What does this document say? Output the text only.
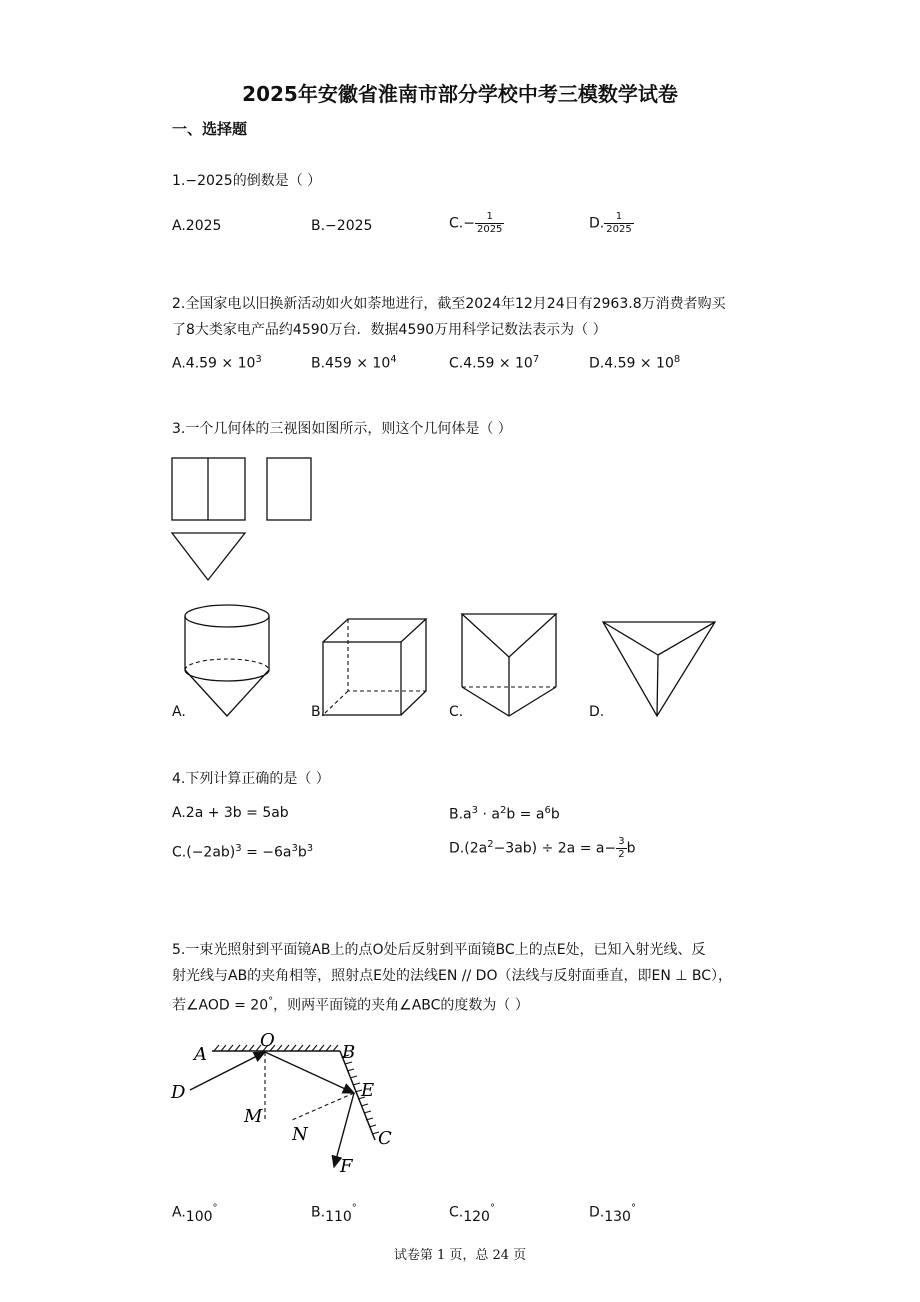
2025年安徽省淮南市部分学校中考三模数学试卷
一、选择题
1.−2025的倒数是（ ）
A.2025	B.−2025	$C.- \frac{1}{2025}$	D. $\frac{1}{2025}$
2.全国家电以旧换新活动如火如荼地进行，截至2024年12月24日有2963.8万消费者购买
了8大类家电产品约4590万台．数据4590万用科学记数法表示为（ ）
$A.4.59 \times 10^3$	$B.459 \times 10^4$	$C.4.59 \times 10^7$	$D.4.59 \times 10^8$
3.一个几何体的三视图如图所示，则这个几何体是（ ）
A.	B.	C.	D.
4.下列计算正确的是（ ）
A.2a + 3b = 5ab	$B.a^3 \cdot a^2b = a^6b$
$C.(-2ab)^3 = -6a^3b^3$	$D.(2a^2-3ab) \div 2a = a- \frac{3}{2}$ b
5.一束光照射到平面镜AB上的点O处后反射到平面镜BC上的点E处，已知入射光线、反
射光线与AB的夹角相等，照射点E处的法线EN // DO（法线与反射面垂直，即EN ⊥ BC），
若∠AOD = 20°，则两平面镜的夹角∠ABC的度数为（ ）
A
O
B
D	E
M
N	C
F
A.100°	B.110°	C.120°	D.130°
试卷第 1 页，总 24 页
